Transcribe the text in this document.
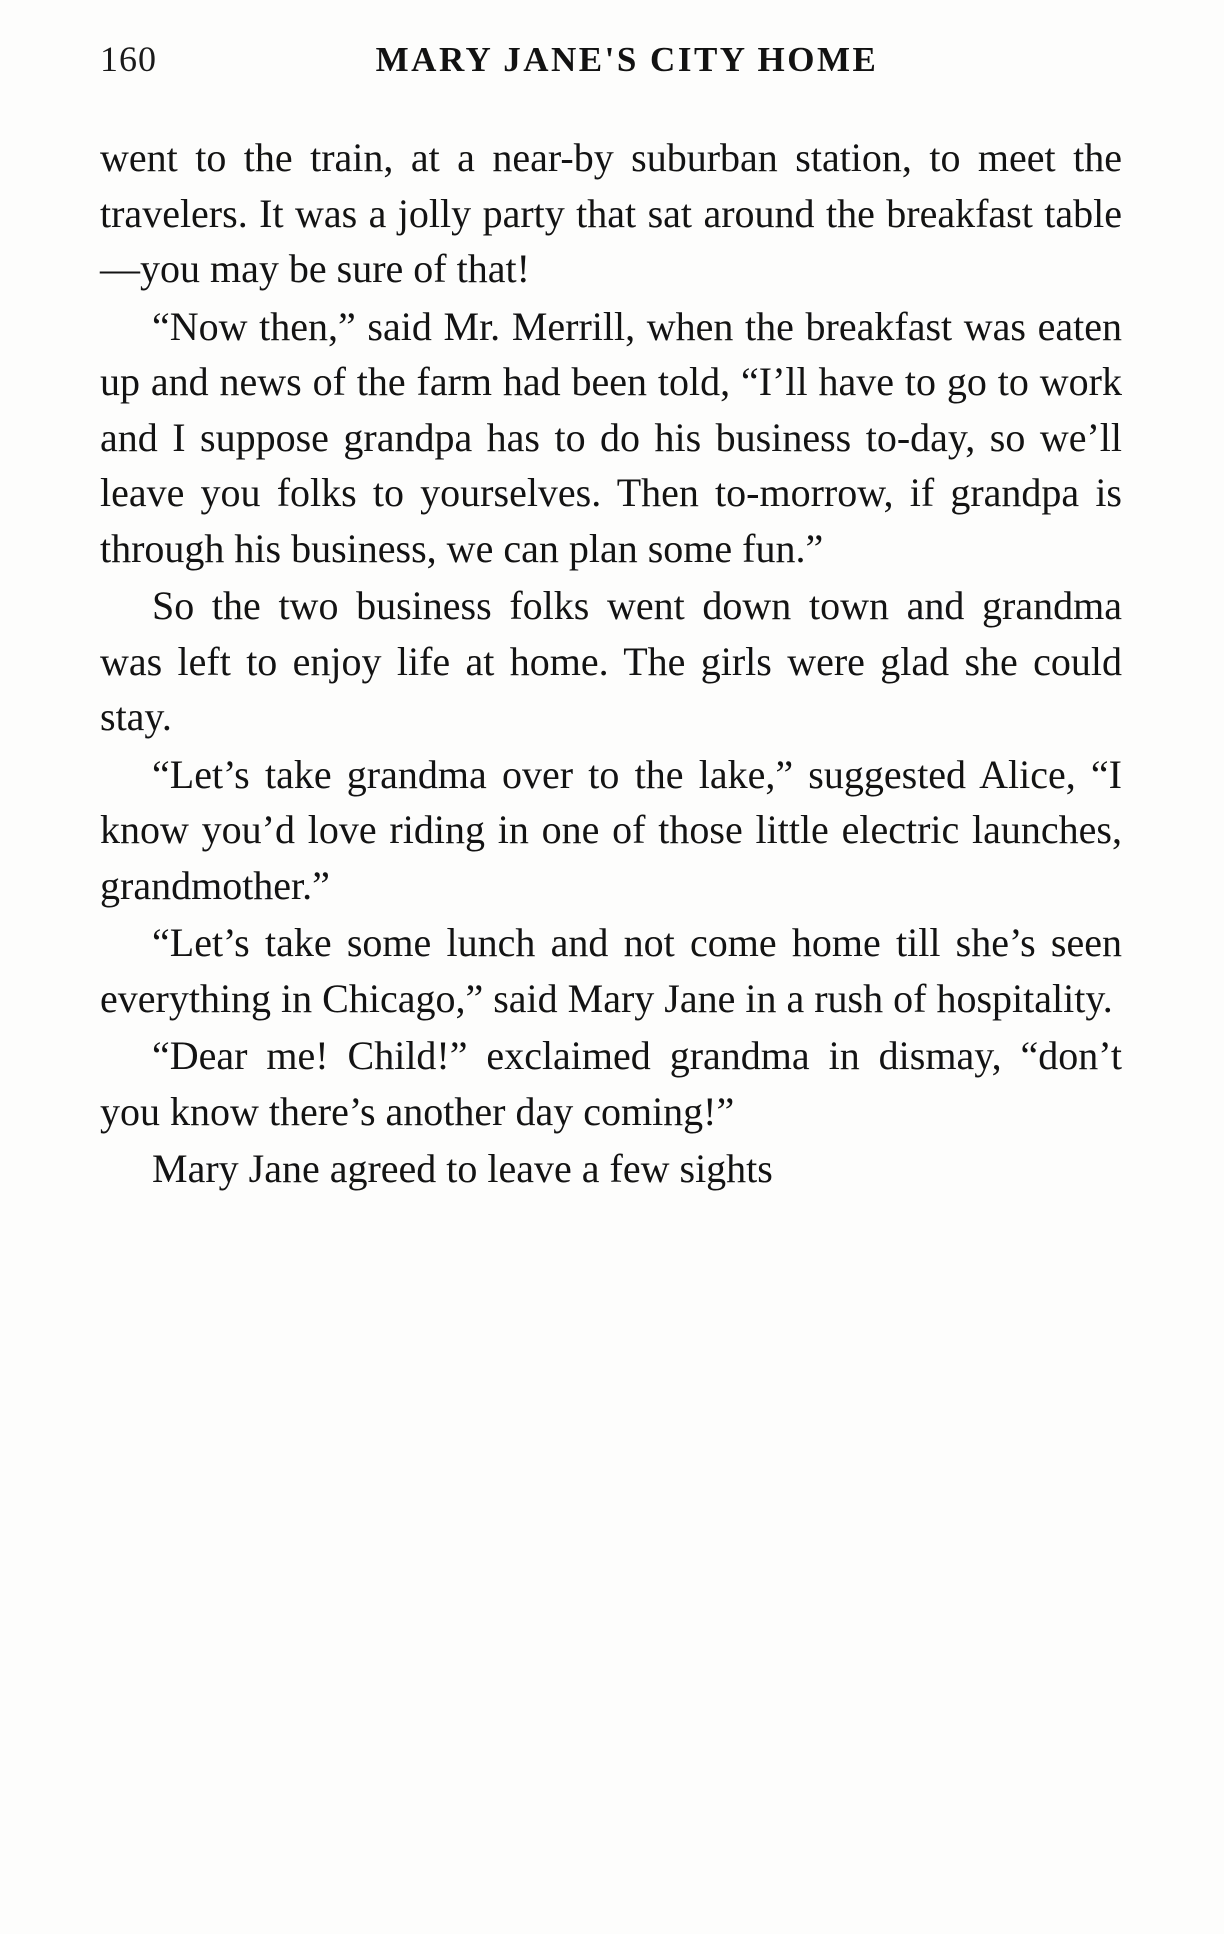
160	MARY JANE'S CITY HOME

went to the train, at a near-by suburban station, to meet the travelers. It was a jolly party that sat around the breakfast table—you may be sure of that!

“Now then,” said Mr. Merrill, when the breakfast was eaten up and news of the farm had been told, “I’ll have to go to work and I suppose grandpa has to do his business to-day, so we’ll leave you folks to yourselves. Then to-morrow, if grandpa is through his business, we can plan some fun.”

So the two business folks went down town and grandma was left to enjoy life at home. The girls were glad she could stay.

“Let’s take grandma over to the lake,” suggested Alice, “I know you’d love riding in one of those little electric launches, grandmother.”

“Let’s take some lunch and not come home till she’s seen everything in Chicago,” said Mary Jane in a rush of hospitality.

“Dear me! Child!” exclaimed grandma in dismay, “don’t you know there’s another day coming!”

Mary Jane agreed to leave a few sights
